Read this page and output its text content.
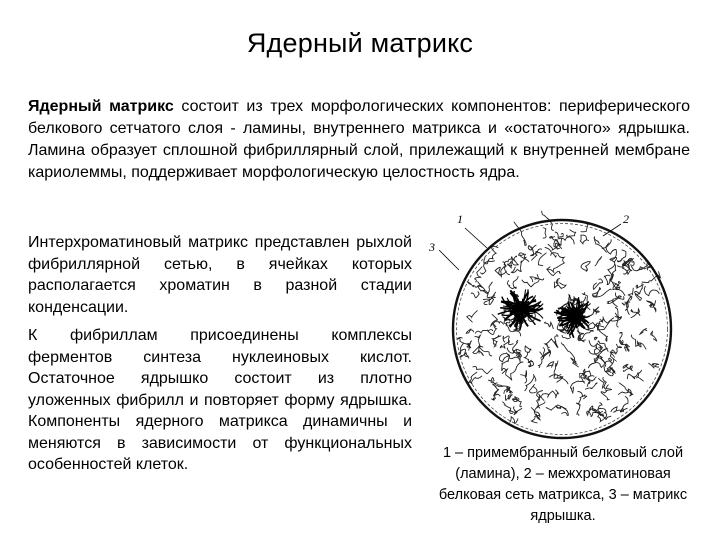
Ядерный матрикс
Ядерный матрикс состоит из трех морфологических компонентов: периферического белкового сетчатого слоя - ламины, внутреннего матрикса и «остаточного» ядрышка. Ламина образует сплошной фибриллярный слой, прилежащий к внутренней мембране кариолеммы, поддерживает морфологическую целостность ядра.
Интерхроматиновый матрикс представлен рыхлой фибриллярной сетью, в ячейках которых располагается хроматин в разной стадии конденсации.
К фибриллам присоединены комплексы ферментов синтеза нуклеиновых кислот. Остаточное ядрышко состоит из плотно уложенных фибрилл и повторяет форму ядрышка. Компоненты ядерного матрикса динамичны и меняются в зависимости от функциональных особенностей клеток.
1	2
3
1 – примембранный белковый слой (ламина), 2 – межхроматиновая белковая сеть матрикса, 3 – матрикс ядрышка.
